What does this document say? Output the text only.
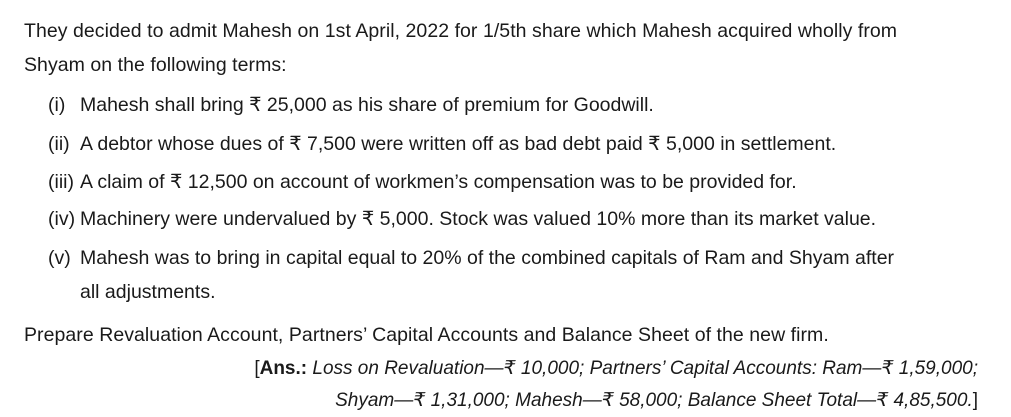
They decided to admit Mahesh on 1st April, 2022 for 1/5th share which Mahesh acquired wholly from
Shyam on the following terms:
(i) Mahesh shall bring ₹ 25,000 as his share of premium for Goodwill.
(ii) A debtor whose dues of ₹ 7,500 were written off as bad debt paid ₹ 5,000 in settlement.
(iii) A claim of ₹ 12,500 on account of workmen’s compensation was to be provided for.
(iv) Machinery were undervalued by ₹ 5,000. Stock was valued 10% more than its market value.
(v) Mahesh was to bring in capital equal to 20% of the combined capitals of Ram and Shyam after
all adjustments.
Prepare Revaluation Account, Partners’ Capital Accounts and Balance Sheet of the new firm.
[Ans.: Loss on Revaluation—₹ 10,000; Partners’ Capital Accounts: Ram—₹ 1,59,000;
Shyam—₹ 1,31,000; Mahesh—₹ 58,000; Balance Sheet Total—₹ 4,85,500.]
